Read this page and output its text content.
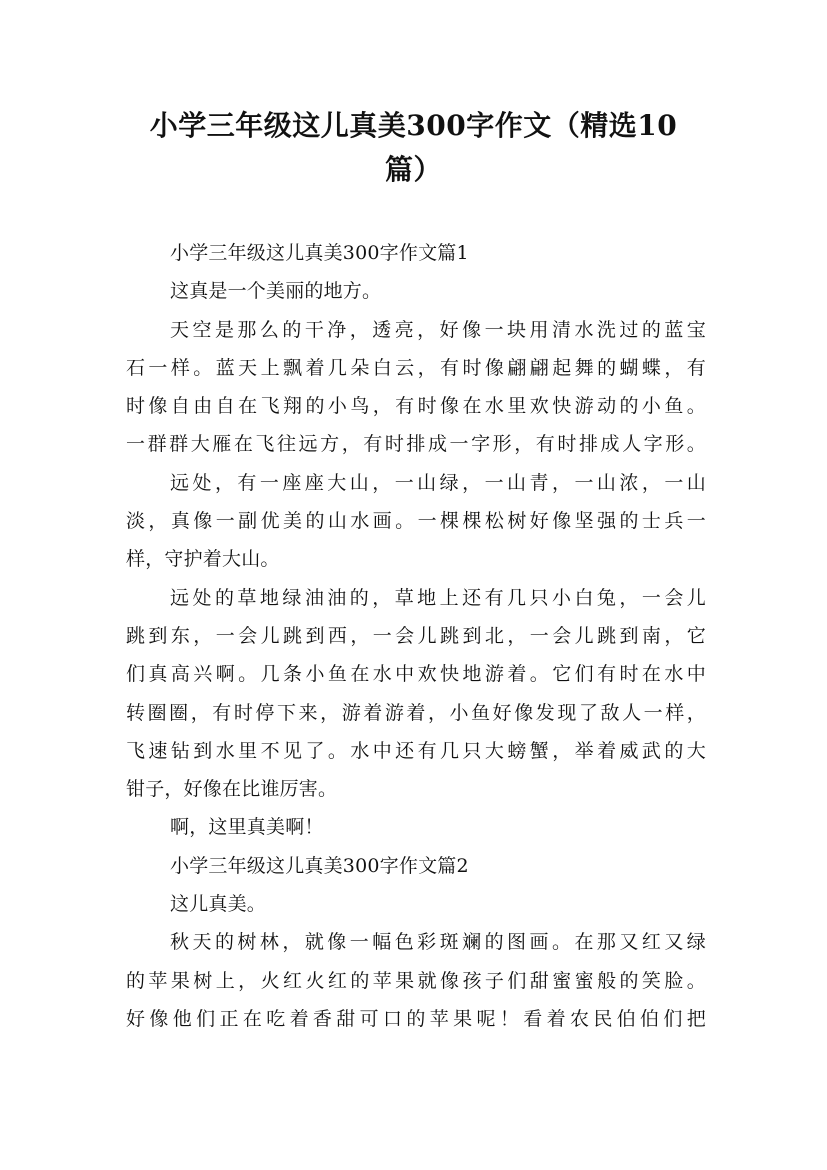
小学三年级这儿真美300字作文（精选10
篇）
小学三年级这儿真美300字作文篇1
这真是一个美丽的地方。
天空是那么的干净，透亮，好像一块用清水洗过的蓝宝
石一样。蓝天上飘着几朵白云，有时像翩翩起舞的蝴蝶，有
时像自由自在飞翔的小鸟，有时像在水里欢快游动的小鱼。
一群群大雁在飞往远方，有时排成一字形，有时排成人字形。
远处，有一座座大山，一山绿，一山青，一山浓，一山
淡，真像一副优美的山水画。一棵棵松树好像坚强的士兵一
样，守护着大山。
远处的草地绿油油的，草地上还有几只小白兔，一会儿
跳到东，一会儿跳到西，一会儿跳到北，一会儿跳到南，它
们真高兴啊。几条小鱼在水中欢快地游着。它们有时在水中
转圈圈，有时停下来，游着游着，小鱼好像发现了敌人一样，
飞速钻到水里不见了。水中还有几只大螃蟹，举着威武的大
钳子，好像在比谁厉害。
啊，这里真美啊！
小学三年级这儿真美300字作文篇2
这儿真美。
秋天的树林，就像一幅色彩斑斓的图画。在那又红又绿
的苹果树上，火红火红的苹果就像孩子们甜蜜蜜般的笑脸。
好像他们正在吃着香甜可口的苹果呢！看着农民伯伯们把
